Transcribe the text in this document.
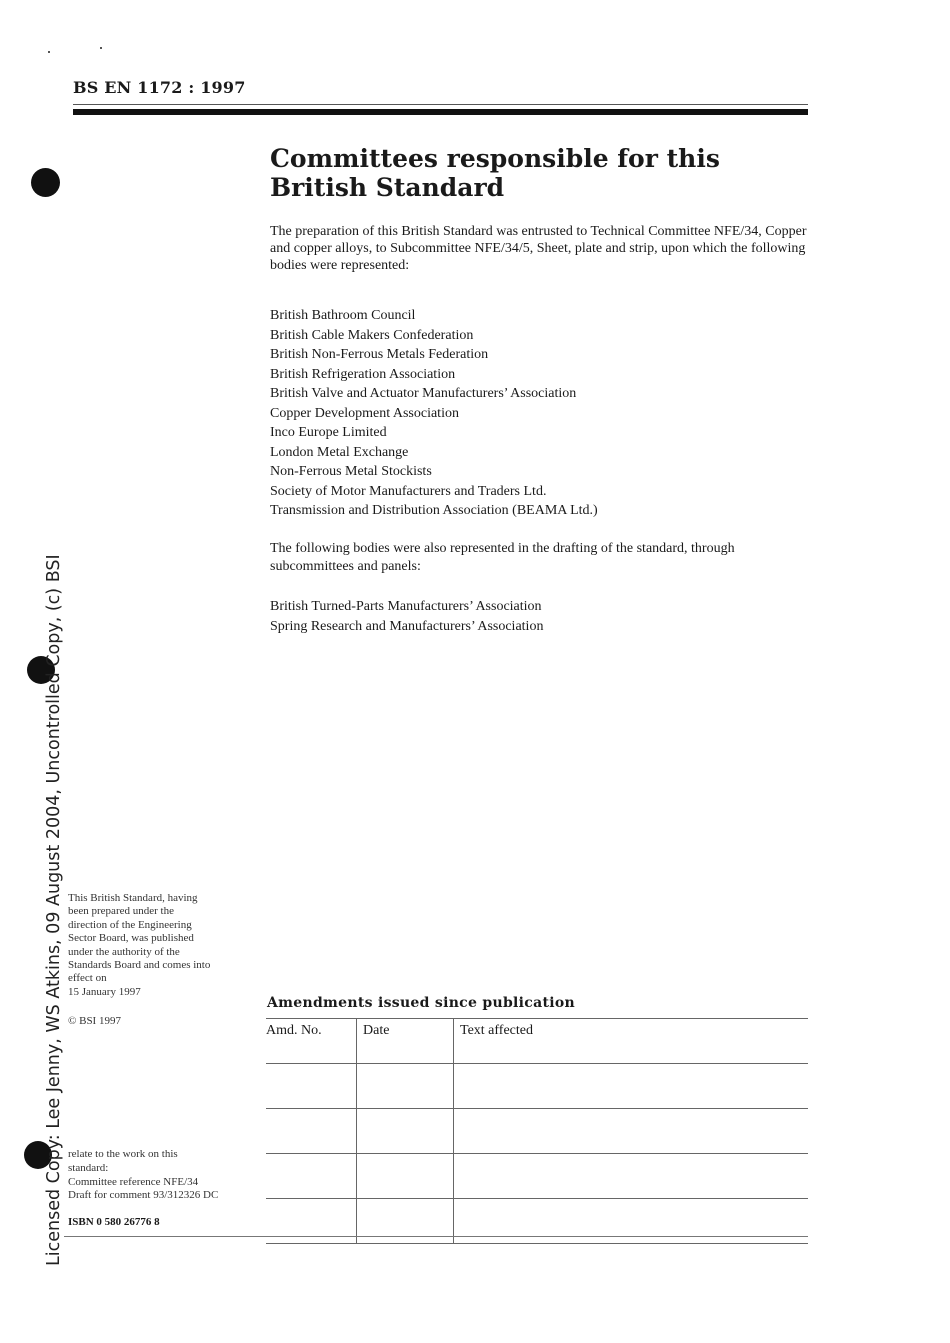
BS EN 1172 : 1997
Committees responsible for this
British Standard
The preparation of this British Standard was entrusted to Technical Committee NFE/34, Copper and copper alloys, to Subcommittee NFE/34/5, Sheet, plate and strip, upon which the following bodies were represented:
British Bathroom Council
British Cable Makers Confederation
British Non-Ferrous Metals Federation
British Refrigeration Association
British Valve and Actuator Manufacturers’ Association
Copper Development Association
Inco Europe Limited
London Metal Exchange
Non-Ferrous Metal Stockists
Society of Motor Manufacturers and Traders Ltd.
Transmission and Distribution Association (BEAMA Ltd.)
The following bodies were also represented in the drafting of the standard, through subcommittees and panels:
British Turned-Parts Manufacturers’ Association
Spring Research and Manufacturers’ Association
This British Standard, having
been prepared under the
direction of the Engineering
Sector Board, was published
under the authority of the
Standards Board and comes into
effect on
15 January 1997
© BSI 1997
relate to the work on this
standard:
Committee reference NFE/34
Draft for comment 93/312326 DC
ISBN 0 580 26776 8
Amendments issued since publication
Amd. No.	Date	Text affected

Licensed Copy: Lee Jenny, WS Atkins, 09 August 2004, Uncontrolled Copy, (c) BSI
